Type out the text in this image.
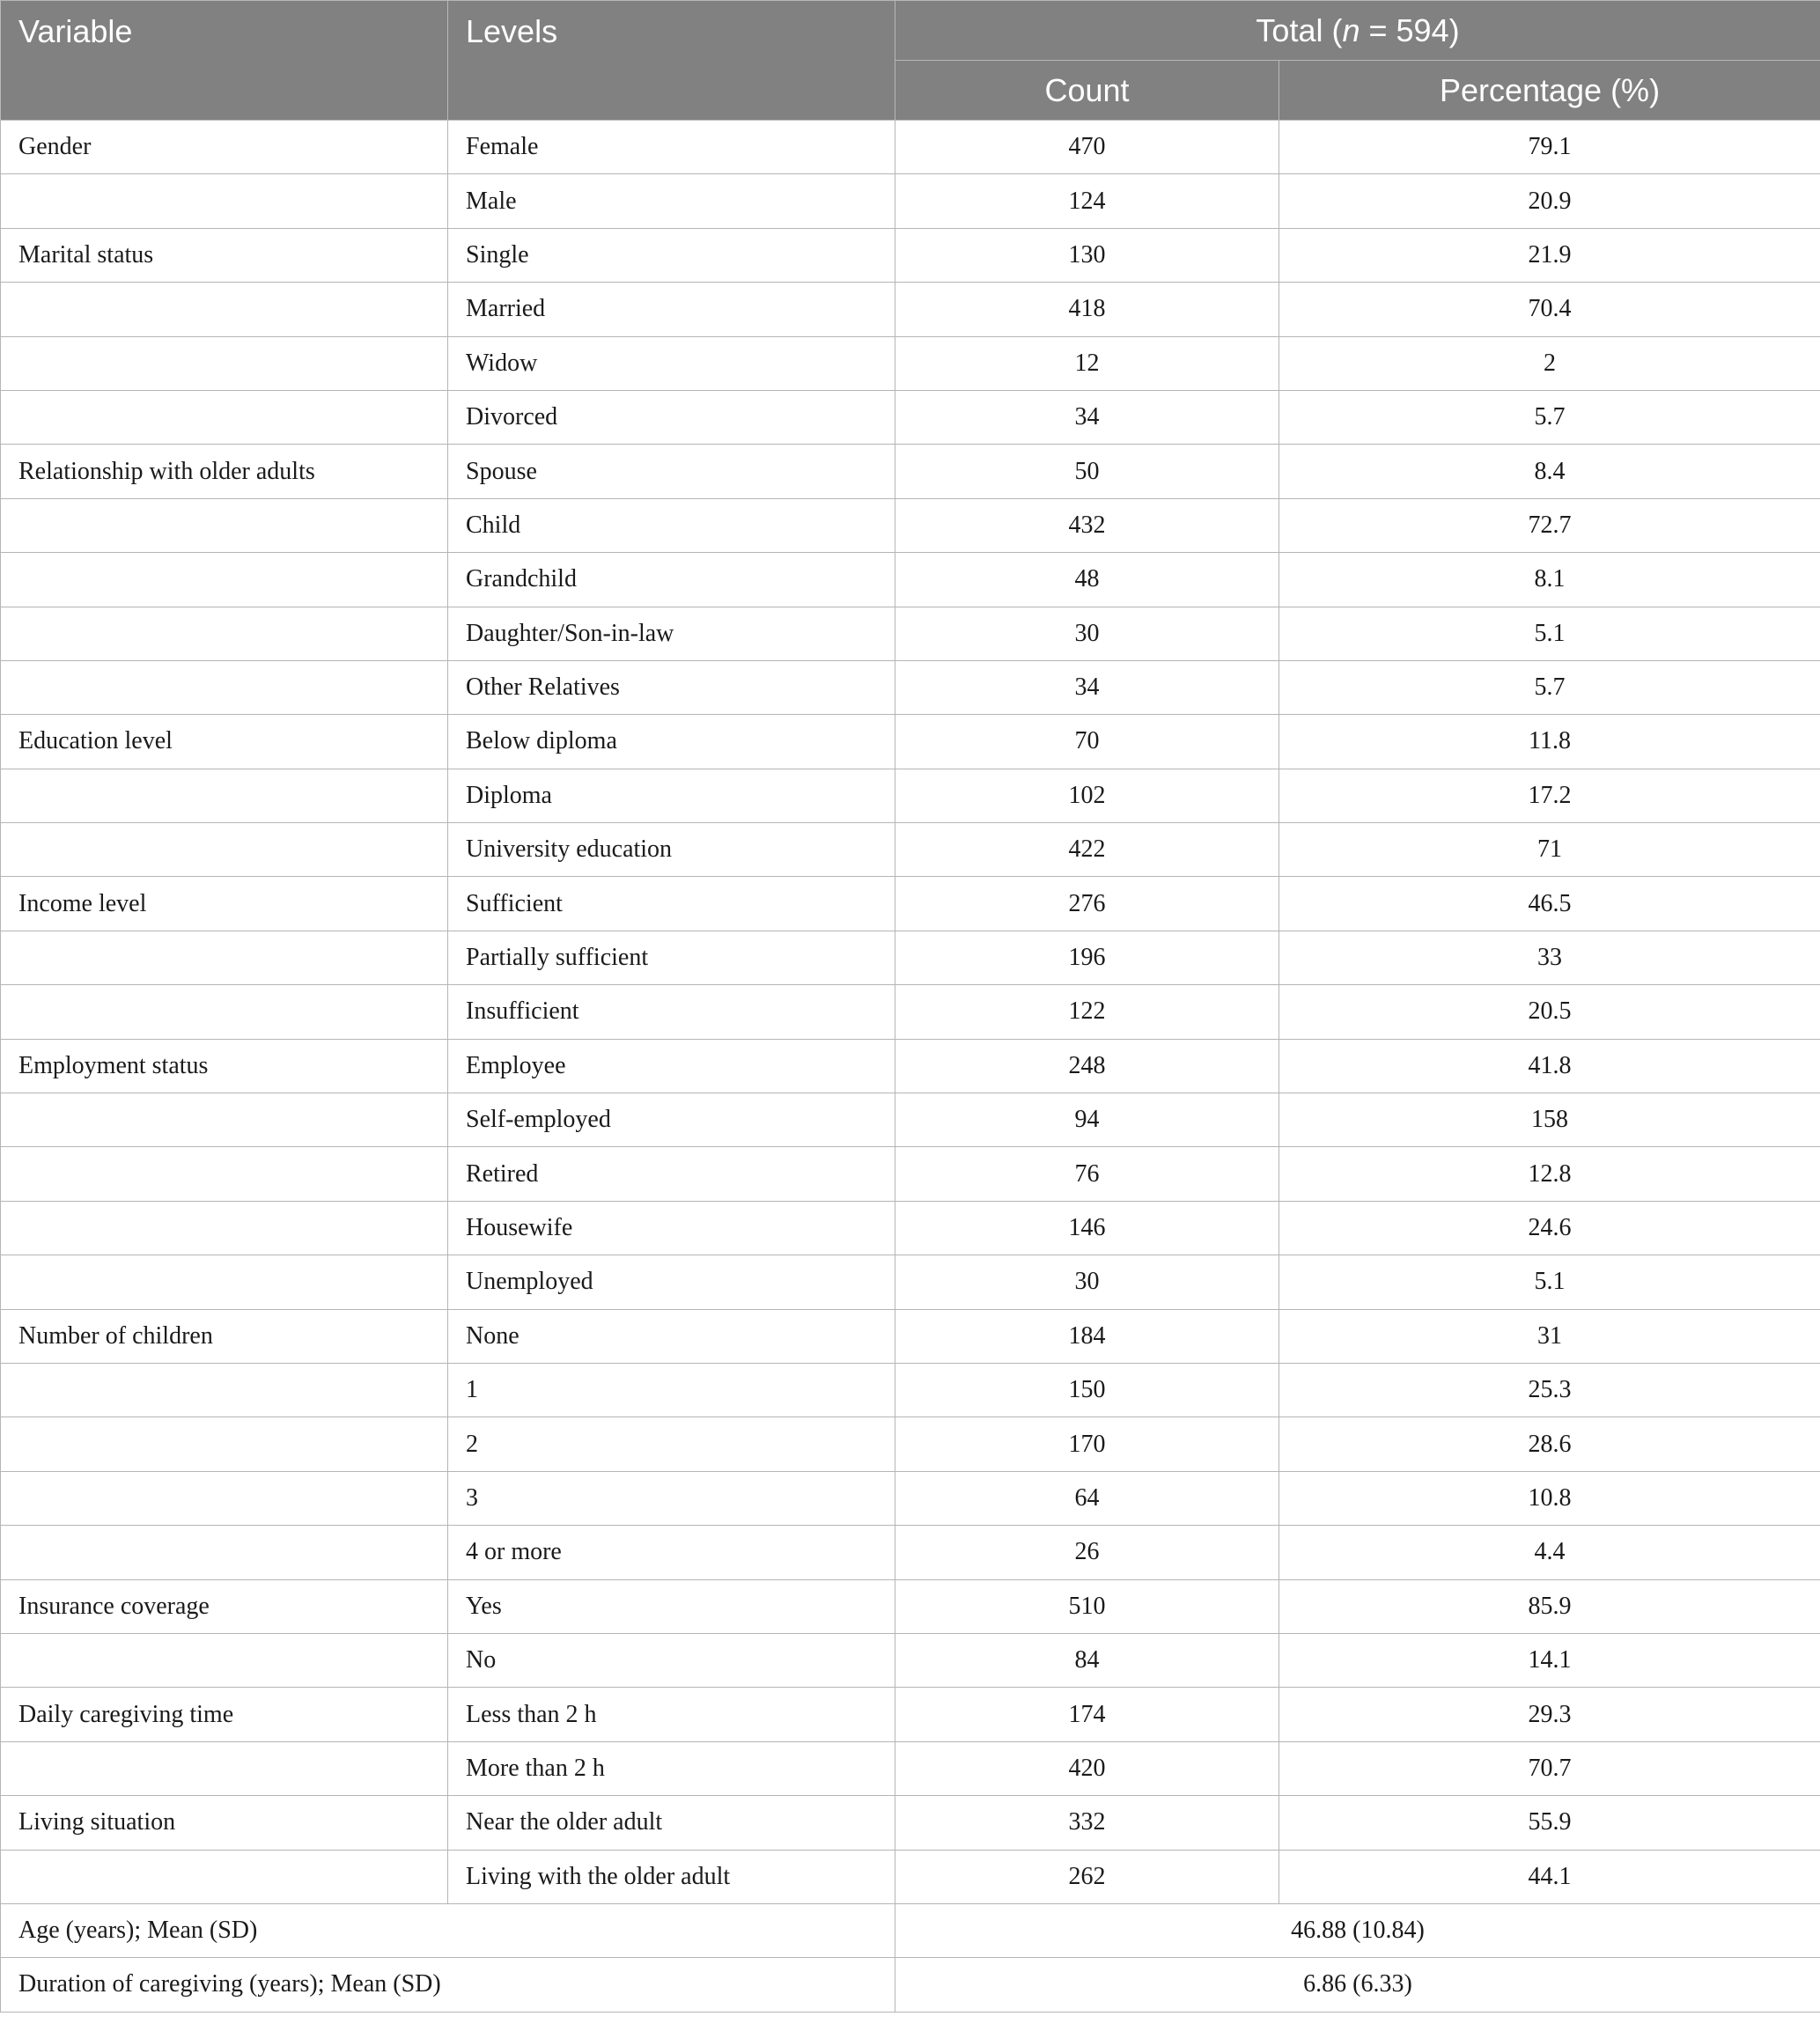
Variable	Levels	Total (n = 594)	
		Count	Percentage (%)
Gender	Female	470	79.1
	Male	124	20.9
Marital status	Single	130	21.9
	Married	418	70.4
	Widow	12	2
	Divorced	34	5.7
Relationship with older adults	Spouse	50	8.4
	Child	432	72.7
	Grandchild	48	8.1
	Daughter/Son-in-law	30	5.1
	Other Relatives	34	5.7
Education level	Below diploma	70	11.8
	Diploma	102	17.2
	University education	422	71
Income level	Sufficient	276	46.5
	Partially sufficient	196	33
	Insufficient	122	20.5
Employment status	Employee	248	41.8
	Self-employed	94	158
	Retired	76	12.8
	Housewife	146	24.6
	Unemployed	30	5.1
Number of children	None	184	31
	1	150	25.3
	2	170	28.6
	3	64	10.8
	4 or more	26	4.4
Insurance coverage	Yes	510	85.9
	No	84	14.1
Daily caregiving time	Less than 2 h	174	29.3
	More than 2 h	420	70.7
Living situation	Near the older adult	332	55.9
	Living with the older adult	262	44.1
Age (years); Mean (SD)		46.88 (10.84)	
Duration of caregiving (years); Mean (SD)		6.86 (6.33)	
